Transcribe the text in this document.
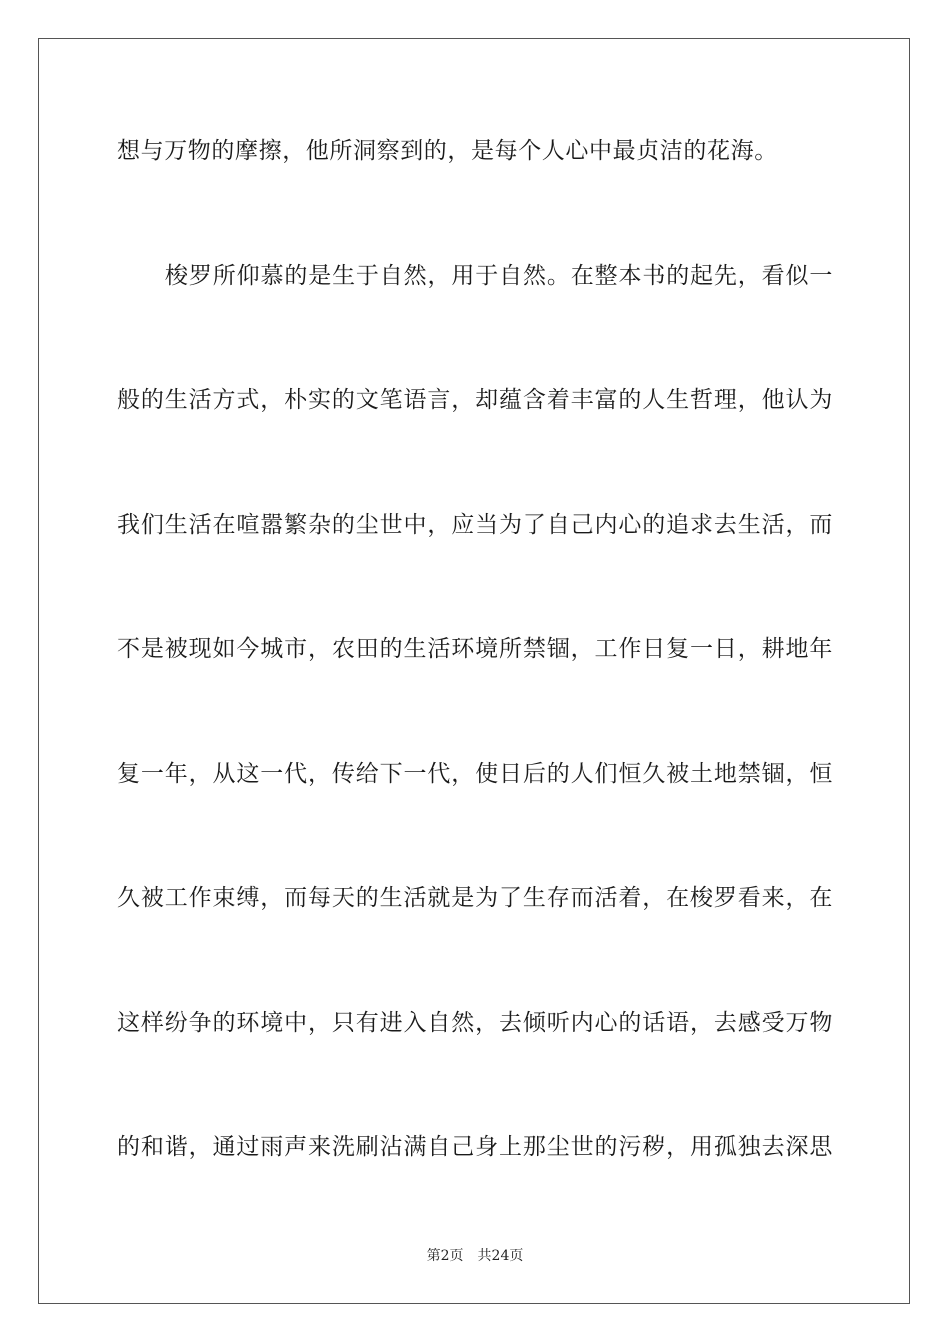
想与万物的摩擦，他所洞察到的，是每个人心中最贞洁的花海。
梭罗所仰慕的是生于自然，用于自然。在整本书的起先，看似一
般的生活方式，朴实的文笔语言，却蕴含着丰富的人生哲理，他认为
我们生活在喧嚣繁杂的尘世中，应当为了自己内心的追求去生活，而
不是被现如今城市，农田的生活环境所禁锢，工作日复一日，耕地年
复一年，从这一代，传给下一代，使日后的人们恒久被土地禁锢，恒
久被工作束缚，而每天的生活就是为了生存而活着，在梭罗看来，在
这样纷争的环境中，只有进入自然，去倾听内心的话语，去感受万物
的和谐，通过雨声来洗刷沾满自己身上那尘世的污秽，用孤独去深思
第2页 共24页
